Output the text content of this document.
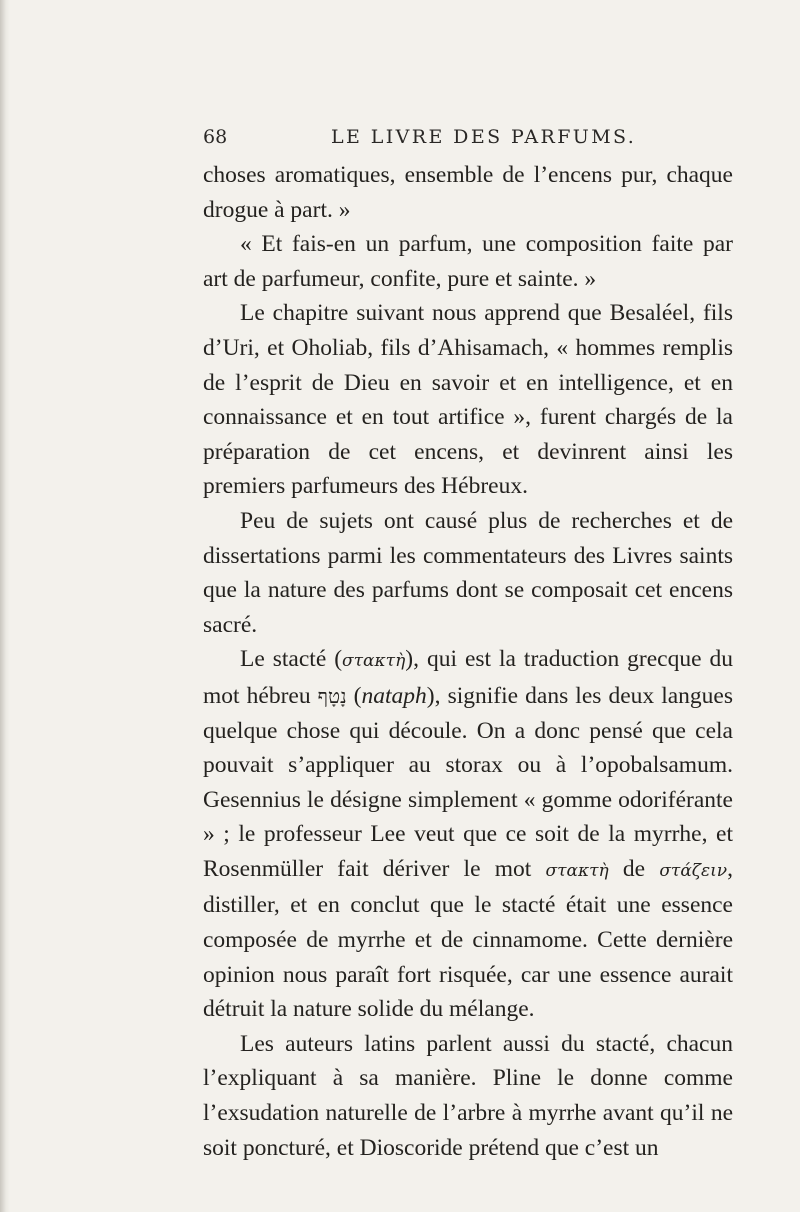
68	LE LIVRE DES PARFUMS.

choses aromatiques, ensemble de l’encens pur, chaque drogue à part. »

« Et fais-en un parfum, une composition faite par art de parfumeur, confite, pure et sainte. »

Le chapitre suivant nous apprend que Besaléel, fils d’Uri, et Oholiab, fils d’Ahisamach, « hommes remplis de l’esprit de Dieu en savoir et en intelligence, et en connaissance et en tout artifice », furent chargés de la préparation de cet encens, et devinrent ainsi les premiers parfumeurs des Hébreux.

Peu de sujets ont causé plus de recherches et de dissertations parmi les commentateurs des Livres saints que la nature des parfums dont se composait cet encens sacré.

Le stacté (στακτὴ), qui est la traduction grecque du mot hébreu נָטָף (nataph), signifie dans les deux langues quelque chose qui découle. On a donc pensé que cela pouvait s’appliquer au storax ou à l’opobalsamum. Gesennius le désigne simplement « gomme odoriférante » ; le professeur Lee veut que ce soit de la myrrhe, et Rosenmüller fait dériver le mot στακτὴ de στάζειν, distiller, et en conclut que le stacté était une essence composée de myrrhe et de cinnamome. Cette dernière opinion nous paraît fort risquée, car une essence aurait détruit la nature solide du mélange.

Les auteurs latins parlent aussi du stacté, chacun l’expliquant à sa manière. Pline le donne comme l’exsudation naturelle de l’arbre à myrrhe avant qu’il ne soit poncturé, et Dioscoride prétend que c’est un
